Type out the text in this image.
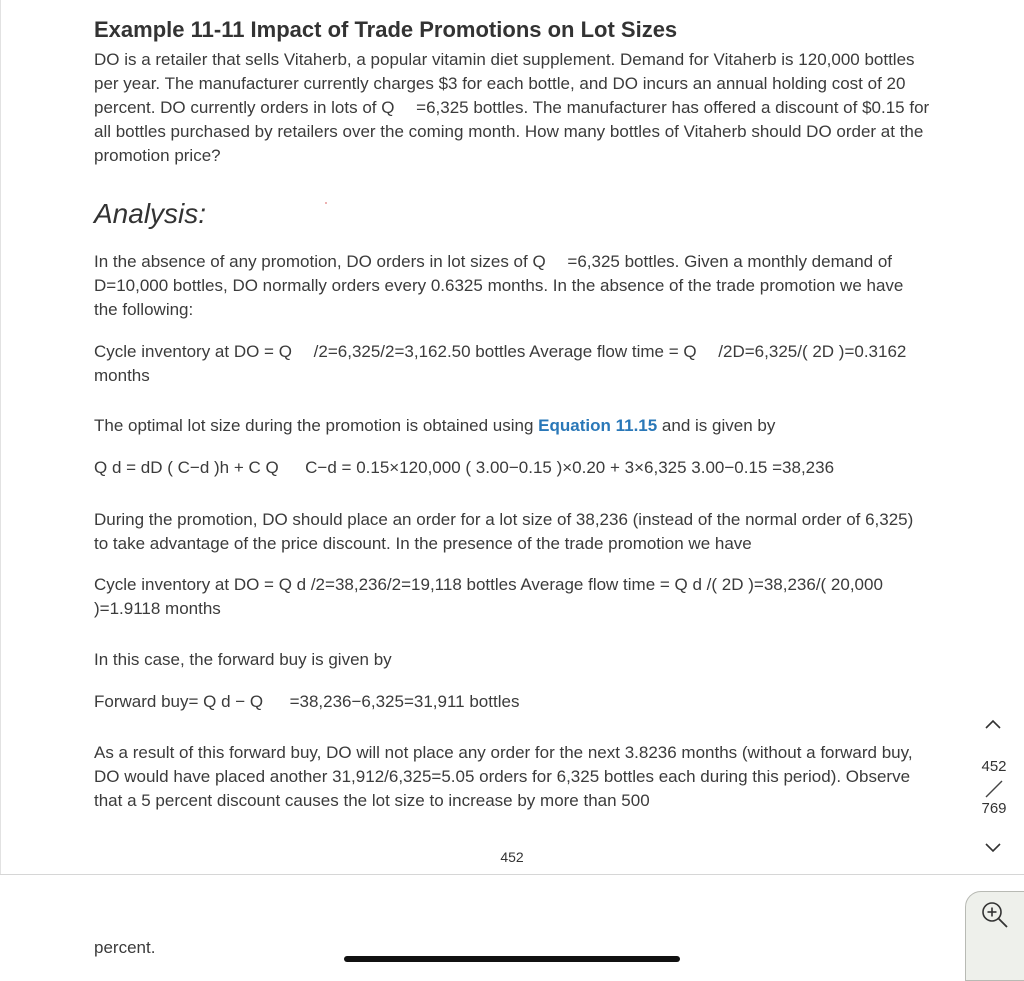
Example 11-11 Impact of Trade Promotions on Lot Sizes

DO is a retailer that sells Vitaherb, a popular vitamin diet supplement. Demand for Vitaherb is 120,000 bottles per year. The manufacturer currently charges $3 for each bottle, and DO incurs an annual holding cost of 20 percent. DO currently orders in lots of Q  =6,325 bottles. The manufacturer has offered a discount of $0.15 for all bottles purchased by retailers over the coming month. How many bottles of Vitaherb should DO order at the promotion price?

Analysis:

In the absence of any promotion, DO orders in lot sizes of Q  =6,325 bottles. Given a monthly demand of D=10,000 bottles, DO normally orders every 0.6325 months. In the absence of the trade promotion we have the following:

Cycle inventory at DO = Q  /2=6,325/2=3,162.50 bottles Average flow time = Q  /2D=6,325/( 2D )=0.3162  months

The optimal lot size during the promotion is obtained using Equation 11.15 and is given by

Q d = dD ( C−d )h + C Q   C−d = 0.15×120,000 ( 3.00−0.15 )×0.20 + 3×6,325 3.00−0.15 =38,236

During the promotion, DO should place an order for a lot size of 38,236 (instead of the normal order of 6,325) to take advantage of the price discount. In the presence of the trade promotion we have

Cycle inventory at DO = Q d /2=38,236/2=19,118 bottles Average flow time = Q d /( 2D )=38,236/( 20,000 )=1.9118 months

In this case, the forward buy is given by

Forward buy= Q d − Q   =38,236−6,325=31,911 bottles

As a result of this forward buy, DO will not place any order for the next 3.8236 months (without a forward buy, DO would have placed another 31,912/6,325=5.05 orders for 6,325 bottles each during this period). Observe that a 5 percent discount causes the lot size to increase by more than 500

452
percent.
452
769
